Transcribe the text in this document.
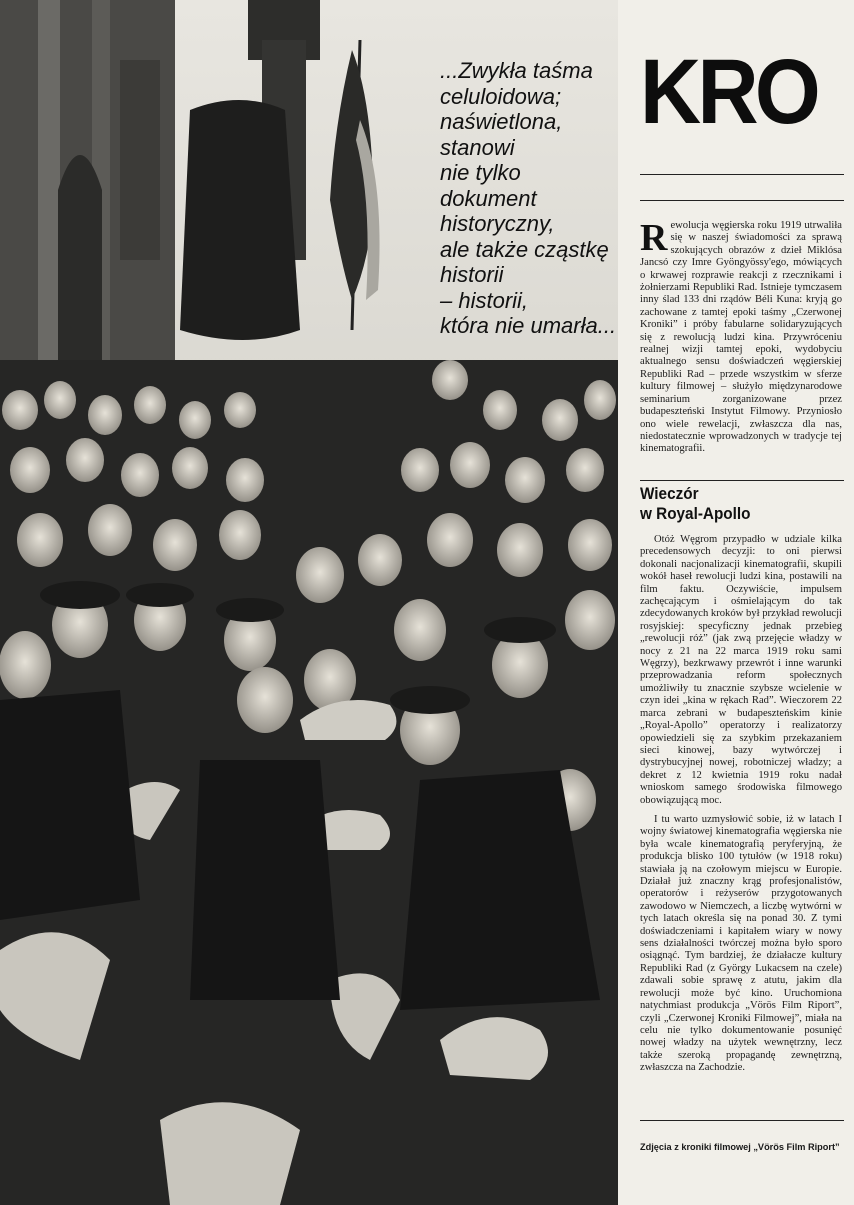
...Zwykła taśma
celuloidowa;
naświetlona,
stanowi
nie tylko
dokument
historyczny,
ale także cząstkę
historii
– historii,
która nie umarła...

KRO

Rewolucja węgierska roku 1919 utrwaliła się w naszej świadomości za sprawą szokujących obrazów z dzieł Miklósa Jancsó czy Imre Gyöngyössy'ego, mówiących o krwawej rozprawie reakcji z rzecznikami i żołnierzami Republiki Rad. Istnieje tymczasem inny ślad 133 dni rządów Béli Kuna: kryją go zachowane z tamtej epoki taśmy „Czerwonej Kroniki” i próby fabularne solidaryzujących się z rewolucją ludzi kina. Przywróceniu realnej wizji tamtej epoki, wydobyciu aktualnego sensu doświadczeń węgierskiej Republiki Rad – przede wszystkim w sferze kultury filmowej – służyło międzynarodowe seminarium zorganizowane przez budapeszteński Instytut Filmowy. Przyniosło ono wiele rewelacji, zwłaszcza dla nas, niedostatecznie wprowadzonych w tradycje tej kinematografii.

Wieczór
w Royal-Apollo

Otóż Węgrom przypadło w udziale kilka precedensowych decyzji: to oni pierwsi dokonali nacjonalizacji kinematografii, skupili wokół haseł rewolucji ludzi kina, postawili na film faktu. Oczywiście, impulsem zachęcającym i ośmielającym do tak zdecydowanych kroków był przykład rewolucji rosyjskiej: specyficzny jednak przebieg „rewolucji róż” (jak zwą przejęcie władzy w nocy z 21 na 22 marca 1919 roku sami Węgrzy), bezkrwawy przewrót i inne warunki przeprowadzania reform społecznych umożliwiły tu znacznie szybsze wcielenie w czyn idei „kina w rękach Rad”. Wieczorem 22 marca zebrani w budapeszteńskim kinie „Royal-Apollo” operatorzy i realizatorzy opowiedzieli się za szybkim przekazaniem sieci kinowej, bazy wytwórczej i dystrybucyjnej nowej, robotniczej władzy; a dekret z 12 kwietnia 1919 roku nadał wnioskom samego środowiska filmowego obowiązującą moc.

I tu warto uzmysłowić sobie, iż w latach I wojny światowej kinematografia węgierska nie była wcale kinematografią peryferyjną, że produkcja blisko 100 tytułów (w 1918 roku) stawiała ją na czołowym miejscu w Europie. Działał już znaczny krąg profesjonalistów, operatorów i reżyserów przygotowanych zawodowo w Niemczech, a liczbę wytwórni w tych latach określa się na ponad 30. Z tymi doświadczeniami i kapitałem wiary w nowy sens działalności twórczej można było sporo osiągnąć. Tym bardziej, że działacze kultury Republiki Rad (z György Lukacsem na czele) zdawali sobie sprawę z atutu, jakim dla rewolucji może być kino. Uruchomiona natychmiast produkcja „Vörös Film Riport”, czyli „Czerwonej Kroniki Filmowej”, miała na celu nie tylko dokumentowanie posunięć nowej władzy na użytek wewnętrzny, lecz także szeroką propagandę zewnętrzną, zwłaszcza na Zachodzie.

Zdjęcia z kroniki filmowej „Vörös Film Riport”
